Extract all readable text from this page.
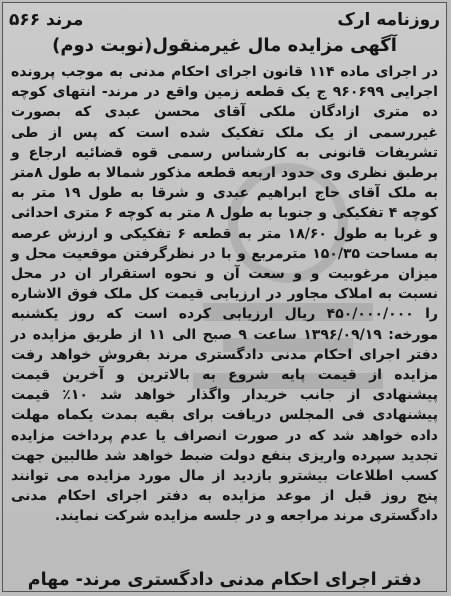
روزنامه ارک
مرند ۵۶۶
آگهی مزایده مال غیرمنقول(نوبت دوم)

در اجرای ماده ۱۱۴ قانون اجرای احکام مدنی به موجب پرونده اجرایی ۹۶۰۶۹۹ ج یک قطعه زمین واقع در مرند- انتهای کوچه ده متری ازادگان ملکی آقای محسن عبدی که بصورت غیررسمی از یک ملک تفکیک شده است که پس از طی تشریفات قانونی به کارشناس رسمی قوه قضائیه ارجاع و برطبق نظری وی حدود اربعه قطعه مذکور شمالا به طول ۸متر به ملک آقای حاج ابراهیم عبدی و شرقا به طول ۱۹ متر به کوچه ۴ تفکیکی و جنوبا به طول ۸ متر به کوچه ۶ متری احداثی و غربا به طول ۱۸/۶۰ متر به قطعه ۶ تفکیکی و ارزش عرصه به مساحت ۱۵۰/۳۵ مترمربع و با در نظرگرفتن موقعیت محل و میزان مرغوبیت و و سعت آن و نحوه استقرار ان در محل نسبت به املاک مجاور در ارزیابی قیمت کل ملک فوق الاشاره را ۴۵۰/۰۰۰/۰۰۰ ریال ارزیابی کرده است که روز یکشنبه مورخه: ۱۳۹۶/۰۹/۱۹ ساعت ۹ صبح الی ۱۱ از طریق مزایده در دفتر اجرای احکام مدنی دادگستری مرند بفروش خواهد رفت مزایده از قیمت پایه شروع به بالاترین و آخرین قیمت پیشنهادی از جانب خریدار واگذار خواهد شد ۱۰٪ قیمت پیشنهادی فی المجلس دریافت برای بقیه بمدت یکماه مهلت داده خواهد شد که در صورت انصراف یا عدم پرداخت مزایده تجدید سپرده واریزی بنفع دولت ضبط خواهد شد طالبین جهت کسب اطلاعات بیشترو بازدید از مال مورد مزایده می توانند پنج روز قبل از موعد مزایده به دفتر اجرای احکام مدنی دادگستری مرند مراجعه و در جلسه مزایده شرکت نمایند.

دفتر اجرای احکام مدنی دادگستری مرند- مهام
